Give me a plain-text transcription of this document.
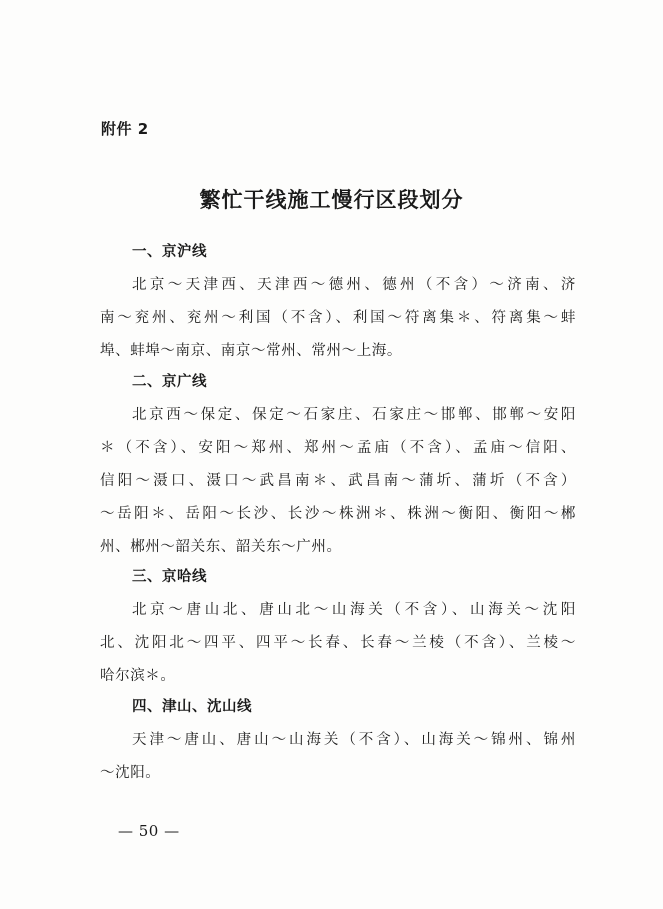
附件 2
繁忙干线施工慢行区段划分
一、京沪线
北京～天津西、天津西～德州、德州（不含）～济南、济
南～兖州、兖州～利国（不含）、利国～符离集＊、符离集～蚌
埠、蚌埠～南京、南京～常州、常州～上海。
二、京广线
北京西～保定、保定～石家庄、石家庄～邯郸、邯郸～安阳
＊（不含）、安阳～郑州、郑州～孟庙（不含）、孟庙～信阳、
信阳～滠口、滠口～武昌南＊、武昌南～蒲圻、蒲圻（不含）
～岳阳＊、岳阳～长沙、长沙～株洲＊、株洲～衡阳、衡阳～郴
州、郴州～韶关东、韶关东～广州。
三、京哈线
北京～唐山北、唐山北～山海关（不含）、山海关～沈阳
北、沈阳北～四平、四平～长春、长春～兰棱（不含）、兰棱～
哈尔滨＊。
四、津山、沈山线
天津～唐山、唐山～山海关（不含）、山海关～锦州、锦州
～沈阳。
— 50 —
